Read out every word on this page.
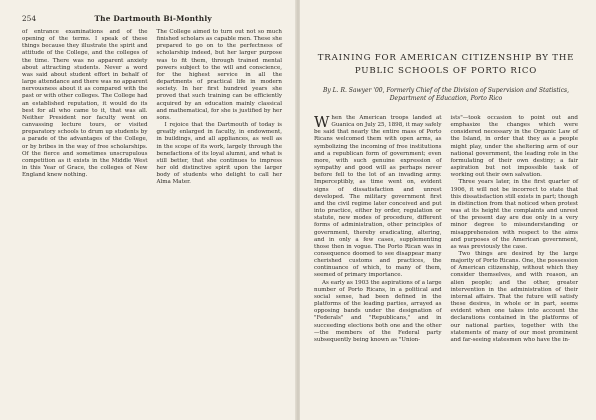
254	The Dartmouth Bi-Monthly

of entrance examinations and of the opening of the terms. I speak of these things because they illustrate the spirit and attitude of the College, and the colleges of the time. There was no apparent anxiety about attracting students. Never a word was said about student effort in behalf of large attendance and there was no apparent nervousness about it as compared with the past or with other colleges. The College had an established reputation, it would do its best for all who came to it, that was all. Neither President nor faculty went on canvassing lecture tours, or visited preparatory schools to drum up students by a parade of the advantages of the College, or by bribes in the way of free scholarships. Of the fierce and sometimes unscrupulous competition as it exists in the Middle West in this Year of Grace, the colleges of New England knew nothing.

The College aimed to turn out not so much finished scholars as capable men. These she prepared to go on to the perfectness of scholarship indeed, but her larger purpose was to fit them, through trained mental powers subject to the will and conscience, for the highest service in all the departments of practical life in modern society. In her first hundred years she proved that such training can be efficiently acquired by an education mainly classical and mathematical, for she is justified by her sons.

I rejoice that the Dartmouth of today is greatly enlarged in faculty, in endowment, in buildings, and all appliances, as well as in the scope of its work, largely through the benefactions of its loyal alumni, and what is still better, that she continues to impress her old distinctive spirit upon the larger body of students who delight to call her Alma Mater.

TRAINING FOR AMERICAN CITIZENSHIP BY THE
PUBLIC SCHOOLS OF PORTO RICO
By L. R. Sawyer '00, Formerly Chief of the Division of Supervision and Statistics, Department of Education, Porto Rico

When the American troops landed at Guanica on July 25, 1898, it may safely be said that nearly the entire mass of Porto Ricans welcomed them with open arms, as symbolizing the incoming of free institutions and a republican form of government; even more, with such genuine expression of sympathy and good will as perhaps never before fell to the lot of an invading army. Imperceptibly, as time went on, evident signs of dissatisfaction and unrest developed. The military government first and the civil regime later conceived and put into practice, either by order, regulation or statute, new modes of procedure, different forms of administration, other principles of government, thereby eradicating, altering, and in only a few cases, supplementing those then in vogue. The Porto Rican was in consequence doomed to see disappear many cherished customs and practices, the continuance of which, to many of them, seemed of primary importance.

As early as 1903 the aspirations of a large number of Porto Ricans, in a political and social sense, had been defined in the platforms of the leading parties, arrayed as opposing bands under the designation of "Federals" and "Republicans," and in succeeding elections both one and the other —the members of the Federal party subsequently being known as "Union-

ists"—took occasion to point out and emphasize the changes which were considered necessary in the Organic Law of the Island, in order that they as a people might play, under the sheltering arm of our national government, the leading role in the formulating of their own destiny; a fair aspiration but not impossible task of working out their own salvation.

Three years later, in the first quarter of 1906, it will not be incorrect to state that this dissatisfaction still exists in part; though in distinction from that noticed when protest was at its height the complaints and unrest of the present day are due only in a very minor degree to misunderstanding or misapprehension with respect to the aims and purposes of the American government, as was previously the case.

Two things are desired by the large majority of Porto Ricans. One, the possession of American citizenship, without which they consider themselves, and with reason, an alien people; and the other, greater intervention in the administration of their internal affairs. That the future will satisfy these desires, in whole or in part, seems evident when one takes into account the declarations contained in the platforms of our national parties, together with the statements of many of our most prominent and far-seeing statesmen who have the in-
